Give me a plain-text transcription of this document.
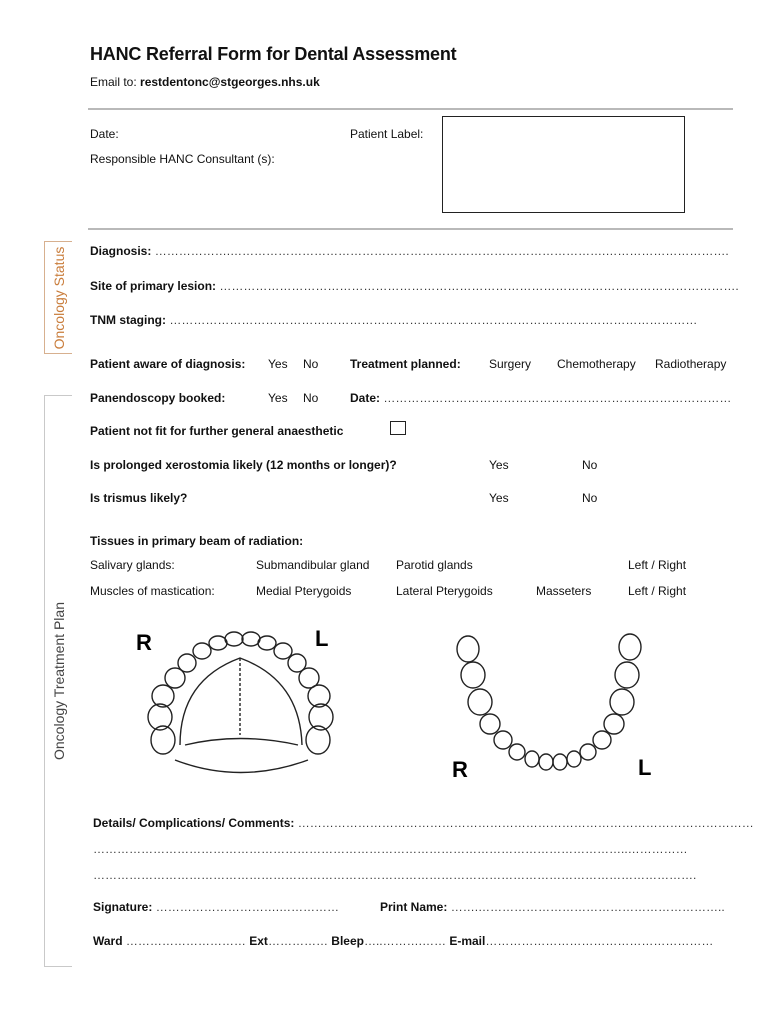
HANC Referral Form for Dental Assessment
Email to: restdentonc@stgeorges.nhs.uk
Date:
Responsible HANC Consultant (s):
Patient Label:
Oncology Status
Oncology Treatment Plan
Diagnosis: ……………….………………………………………………………………………………….………………………….
Site of primary lesion: ………………………………………………………………………………………………………………….
TNM staging: ……………………………………………………………………………………………………………………
Patient aware of diagnosis: Yes No	Treatment planned: Surgery Chemotherapy Radiotherapy
Panendoscopy booked:	Yes No	Date: ……………………………………………………………………………
Patient not fit for further general anaesthetic
Is prolonged xerostomia likely (12 months or longer)?	Yes	No
Is trismus likely?	Yes	No
Tissues in primary beam of radiation:
Salivary glands:	Submandibular gland Parotid glands	Left / Right
Muscles of mastication:	Medial Pterygoids	Lateral Pterygoids	Masseters	Left / Right
R	L
R	L
Details/ Complications/ Comments: ……………………………………………………………………………………………………
……………………………………………………………………………………………………………………..……………
…………………………………………………………………………………………………………………………………….
Signature: ………………………….……………	Print Name: …….……………………………………………………..
Ward ………………………… Ext…………… Bleep…..……….…… E-mail…………………………………………………
